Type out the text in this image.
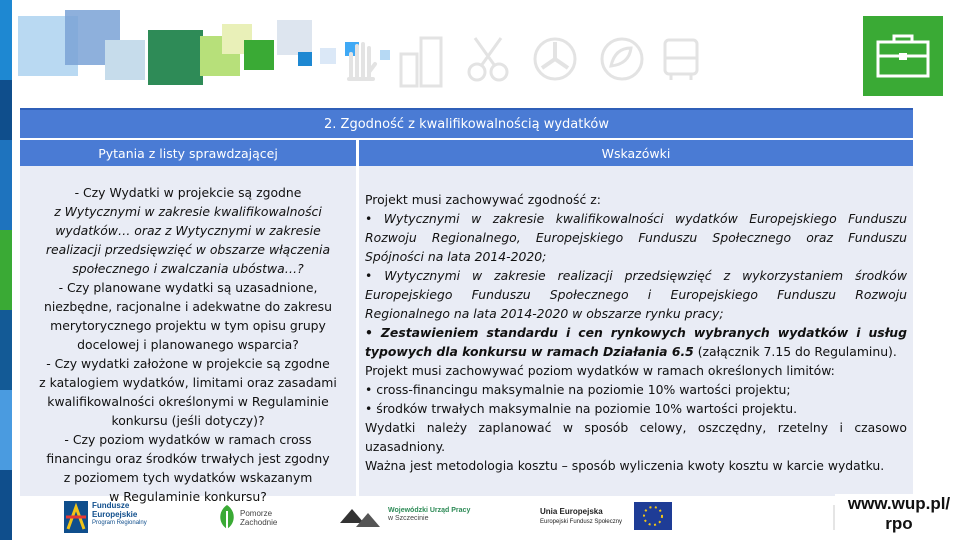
2. Zgodność z kwalifikowalnością wydatków
Pytania z listy sprawdzającej	Wskazówki
- Czy Wydatki w projekcie są zgodne
z Wytycznymi w zakresie kwalifikowalności
wydatków… oraz z Wytycznymi w zakresie
realizacji przedsięwzięć w obszarze włączenia
społecznego i zwalczania ubóstwa…?
- Czy planowane wydatki są uzasadnione,
niezbędne, racjonalne i adekwatne do zakresu
merytorycznego projektu w tym opisu grupy
docelowej i planowanego wsparcia?
- Czy wydatki założone w projekcie są zgodne
z katalogiem wydatków, limitami oraz zasadami
kwalifikowalności określonymi w Regulaminie
konkursu (jeśli dotyczy)?
- Czy poziom wydatków w ramach cross
financingu oraz środków trwałych jest zgodny
z poziomem tych wydatków wskazanym
w Regulaminie konkursu?
Projekt musi zachowywać zgodność z:
• Wytycznymi w zakresie kwalifikowalności wydatków Europejskiego Funduszu
Rozwoju Regionalnego, Europejskiego Funduszu Społecznego oraz Funduszu
Spójności na lata 2014-2020;
• Wytycznymi w zakresie realizacji przedsięwzięć z wykorzystaniem środków
Europejskiego Funduszu Społecznego i Europejskiego Funduszu Rozwoju
Regionalnego na lata 2014-2020 w obszarze rynku pracy;
• Zestawieniem standardu i cen rynkowych wybranych wydatków i usług
typowych dla konkursu w ramach Działania 6.5 (załącznik 7.15 do Regulaminu).
Projekt musi zachowywać poziom wydatków w ramach określonych limitów:
• cross-financingu maksymalnie na poziomie 10% wartości projektu;
• środków trwałych maksymalnie na poziomie 10% wartości projektu.
Wydatki należy zaplanować w sposób celowy, oszczędny, rzetelny i czasowo
uzasadniony.
Ważna jest metodologia kosztu – sposób wyliczenia kwoty kosztu w karcie wydatku.
Fundusze
Europejskie
Program Regionalny
Pomorze
Zachodnie
Wojewódzki Urząd Pracy
w Szczecinie
Unia Europejska
Europejski Fundusz Społeczny
www.wup.pl/
rpo
